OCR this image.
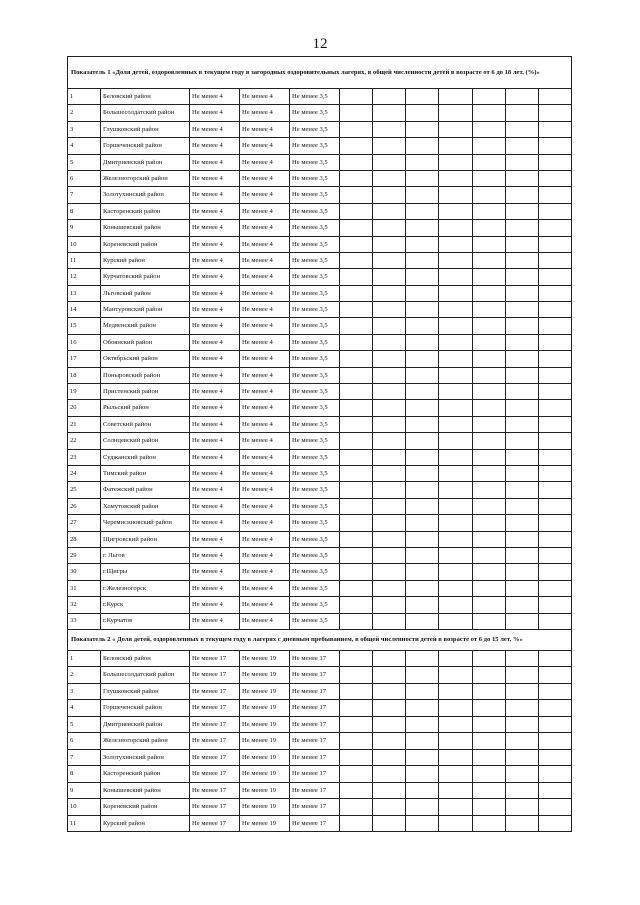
12
Показатель 1 «Доля детей, оздоровленных в текущем году в загородных оздоровительных лагерях, в общей численности детей в возрасте от 6 до 18 лет, (%)»											
1	Беловский район	Не менее 4	Не менее 4	Не менее 3,5							
2	Большесолдатский район	Не менее 4	Не менее 4	Не менее 3,5							
3	Глушковский район	Не менее 4	Не менее 4	Не менее 3,5							
4	Горшеченский район	Не менее 4	Не менее 4	Не менее 3,5							
5	Дмитриевский район	Не менее 4	Не менее 4	Не менее 3,5							
6	Железногорский район	Не менее 4	Не менее 4	Не менее 3,5							
7	Золотухинский район	Не менее 4	Не менее 4	Не менее 3,5							
8	Касторенский район	Не менее 4	Не менее 4	Не менее 3,5							
9	Конышевский район	Не менее 4	Не менее 4	Не менее 3,5							
10	Кореневский район	Не менее 4	Не менее 4	Не менее 3,5							
11	Курский район	Не менее 4	Не менее 4	Не менее 3,5							
12	Курчатовский район	Не менее 4	Не менее 4	Не менее 3,5							
13	Льговский район	Не менее 4	Не менее 4	Не менее 3,5							
14	Мантуровский район	Не менее 4	Не менее 4	Не менее 3,5							
15	Медвенский район	Не менее 4	Не менее 4	Не менее 3,5							
16	Обоянский район	Не менее 4	Не менее 4	Не менее 3,5							
17	Октябрьский район	Не менее 4	Не менее 4	Не менее 3,5							
18	Поныровский район	Не менее 4	Не менее 4	Не менее 3,5							
19	Пристенский район	Не менее 4	Не менее 4	Не менее 3,5							
20	Рыльский район	Не менее 4	Не менее 4	Не менее 3,5							
21	Советский район	Не менее 4	Не менее 4	Не менее 3,5							
22	Солнцевский район	Не менее 4	Не менее 4	Не менее 3,5							
23	Суджанский район	Не менее 4	Не менее 4	Не менее 3,5							
24	Тимский район	Не менее 4	Не менее 4	Не менее 3,5							
25	Фатежский район	Не менее 4	Не менее 4	Не менее 3,5							
26	Хомутовский район	Не менее 4	Не менее 4	Не менее 3,5							
27	Черемисиновский район	Не менее 4	Не менее 4	Не менее 3,5							
28	Щигровский район	Не менее 4	Не менее 4	Не менее 3,5							
29	г. Льгов	Не менее 4	Не менее 4	Не менее 3,5							
30	г.Щигры	Не менее 4	Не менее 4	Не менее 3,5							
31	г.Железногорск	Не менее 4	Не менее 4	Не менее 3,5							
32	г.Курск	Не менее 4	Не менее 4	Не менее 3,5							
33	г.Курчатов	Не менее 4	Не менее 4	Не менее 3,5							
Показатель 2 « Доля детей, оздоровленных в текущем году в лагерях с дневным пребыванием, в общей численности детей в возрасте от 6 до 15 лет, %»											
1	Беловский район	Не менее 17	Не менее 19	Не менее 17							
2	Большесолдатский район	Не менее 17	Не менее 19	Не менее 17							
3	Глушковский район	Не менее 17	Не менее 19	Не менее 17							
4	Горшеченский район	Не менее 17	Не менее 19	Не менее 17							
5	Дмитриевский район	Не менее 17	Не менее 19	Не менее 17							
6	Железногорский район	Не менее 17	Не менее 19	Не менее 17							
7	Золотухинский район	Не менее 17	Не менее 19	Не менее 17							
8	Касторенский район	Не менее 17	Не менее 19	Не менее 17							
9	Конышевский район	Не менее 17	Не менее 19	Не менее 17							
10	Кореневский район	Не менее 17	Не менее 19	Не менее 17							
11	Курский район	Не менее 17	Не менее 19	Не менее 17							
